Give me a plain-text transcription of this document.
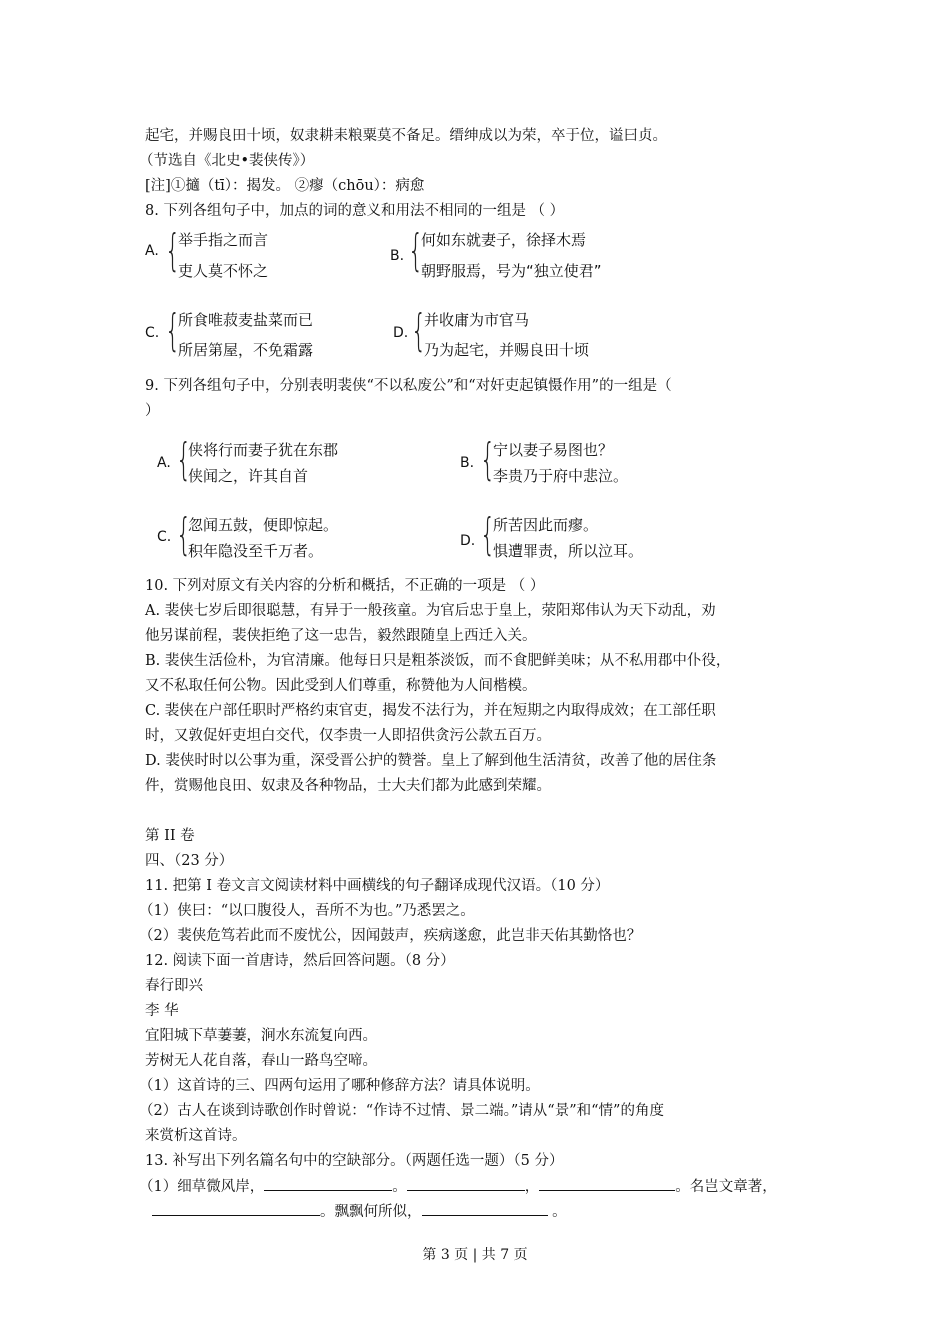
起宅，并赐良田十顷，奴隶耕耒粮粟莫不备足。缙绅成以为荣，卒于位，谥曰贞。
（节选自《北史•裴侠传》）
[注]①擿（tī）：揭发。 ②瘳（chōu）：病愈
8. 下列各组句子中，加点的词的意义和用法不相同的一组是 （ ）
A. {
举手指之而言
吏人莫不怀之
B. {
何如东就妻子，徐择木焉
朝野服焉，号为“独立使君”
C. {
所食唯菽麦盐菜而已
所居第屋，不免霜露
D. {
并收庸为市官马
乃为起宅，并赐良田十顷
9. 下列各组句子中，分别表明裴侠“不以私废公”和“对奸吏起镇慑作用”的一组是（
）
A. {
侠将行而妻子犹在东郡
侠闻之，许其自首
B. {
宁以妻子易图也？
李贵乃于府中悲泣。
C. {
忽闻五鼓，便即惊起。
积年隐没至千万者。
D. {
所苦因此而瘳。
惧遭罪责，所以泣耳。
10. 下列对原文有关内容的分析和概括，不正确的一项是 （ ）
A. 裴侠七岁后即很聪慧，有异于一般孩童。为官后忠于皇上，荥阳郑伟认为天下动乱，劝
他另谋前程，裴侠拒绝了这一忠告，毅然跟随皇上西迁入关。
B. 裴侠生活俭朴，为官清廉。他每日只是粗茶淡饭，而不食肥鲜美味；从不私用郡中仆役，
又不私取任何公物。因此受到人们尊重，称赞他为人间楷模。
C. 裴侠在户部任职时严格约束官吏，揭发不法行为，并在短期之内取得成效；在工部任职
时，又敦促奸吏坦白交代，仅李贵一人即招供贪污公款五百万。
D. 裴侠时时以公事为重，深受晋公护的赞誉。皇上了解到他生活清贫，改善了他的居住条
件，赏赐他良田、奴隶及各种物品，士大夫们都为此感到荣耀。
第 II 卷
四、（23 分）
11. 把第 I 卷文言文阅读材料中画横线的句子翻译成现代汉语。（10 分）
（1）侠曰：“以口腹役人，吾所不为也。”乃悉罢之。
（2）裴侠危笃若此而不废忧公，因闻鼓声，疾病遂愈，此岂非天佑其勤恪也？
12. 阅读下面一首唐诗，然后回答问题。（8 分）
春行即兴
李 华
宜阳城下草萋萋，涧水东流复向西。
芳树无人花自落，春山一路鸟空啼。
（1）这首诗的三、四两句运用了哪种修辞方法？请具体说明。
（2）古人在谈到诗歌创作时曾说：“作诗不过情、景二端。”请从“景”和“情”的角度
来赏析这首诗。
13. 补写出下列名篇名句中的空缺部分。（两题任选一题）（5 分）
（1）细草微风岸，	。	，	。名岂文章著，
。飘飘何所似，	。
第 3 页 | 共 7 页
